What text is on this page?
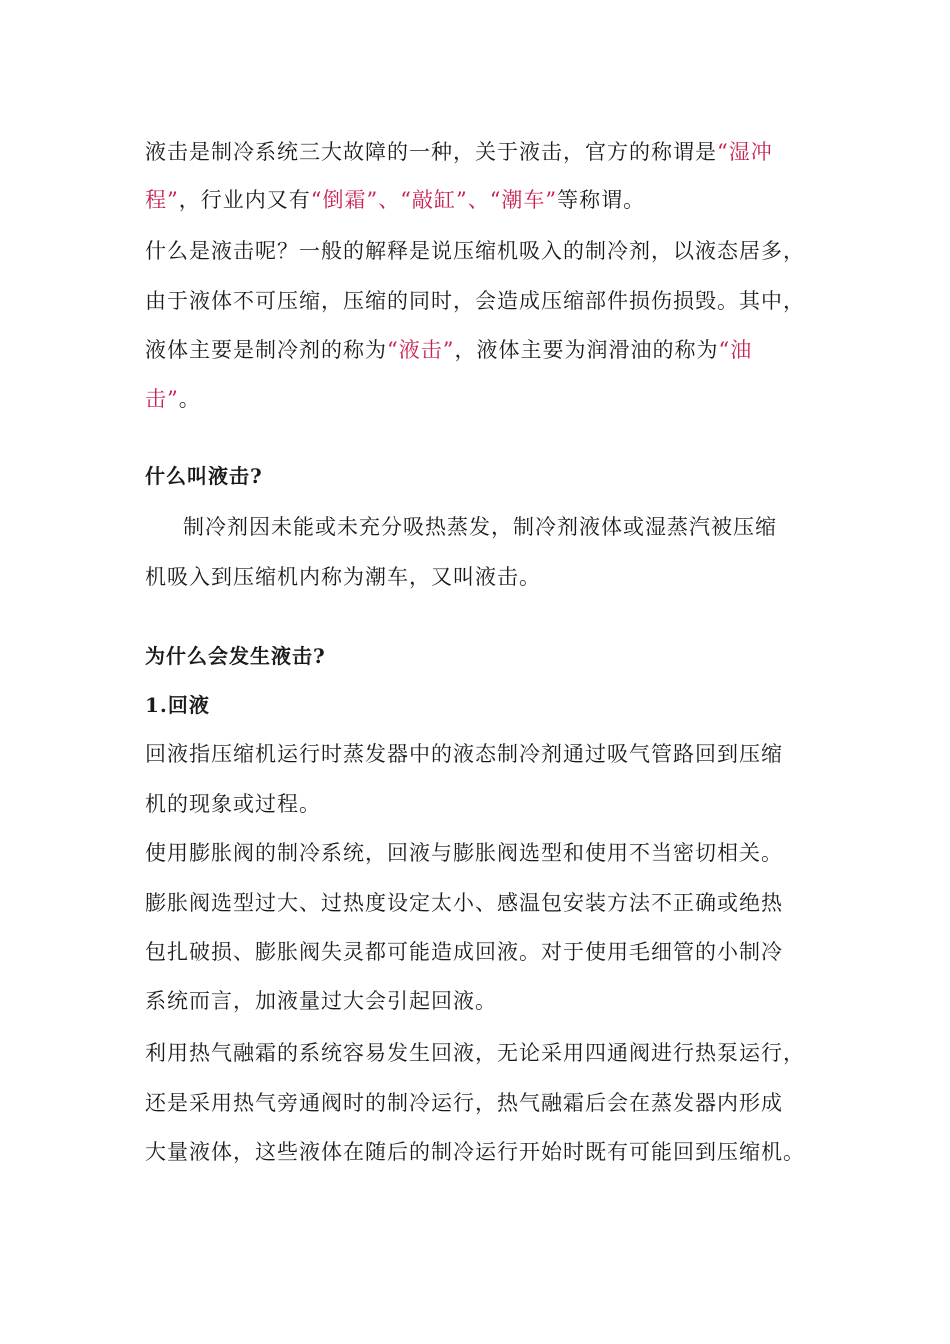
液击是制冷系统三大故障的一种，关于液击，官方的称谓是“湿冲
程”，行业内又有“倒霜”、“敲缸”、“潮车”等称谓。
什么是液击呢？一般的解释是说压缩机吸入的制冷剂，以液态居多，
由于液体不可压缩，压缩的同时，会造成压缩部件损伤损毁。其中，
液体主要是制冷剂的称为“液击”，液体主要为润滑油的称为“油
击”。
什么叫液击?
制冷剂因未能或未充分吸热蒸发，制冷剂液体或湿蒸汽被压缩
机吸入到压缩机内称为潮车，又叫液击。
为什么会发生液击?
1.回液
回液指压缩机运行时蒸发器中的液态制冷剂通过吸气管路回到压缩
机的现象或过程。
使用膨胀阀的制冷系统，回液与膨胀阀选型和使用不当密切相关。
膨胀阀选型过大、过热度设定太小、感温包安装方法不正确或绝热
包扎破损、膨胀阀失灵都可能造成回液。对于使用毛细管的小制冷
系统而言，加液量过大会引起回液。
利用热气融霜的系统容易发生回液，无论采用四通阀进行热泵运行，
还是采用热气旁通阀时的制冷运行，热气融霜后会在蒸发器内形成
大量液体，这些液体在随后的制冷运行开始时既有可能回到压缩机。
